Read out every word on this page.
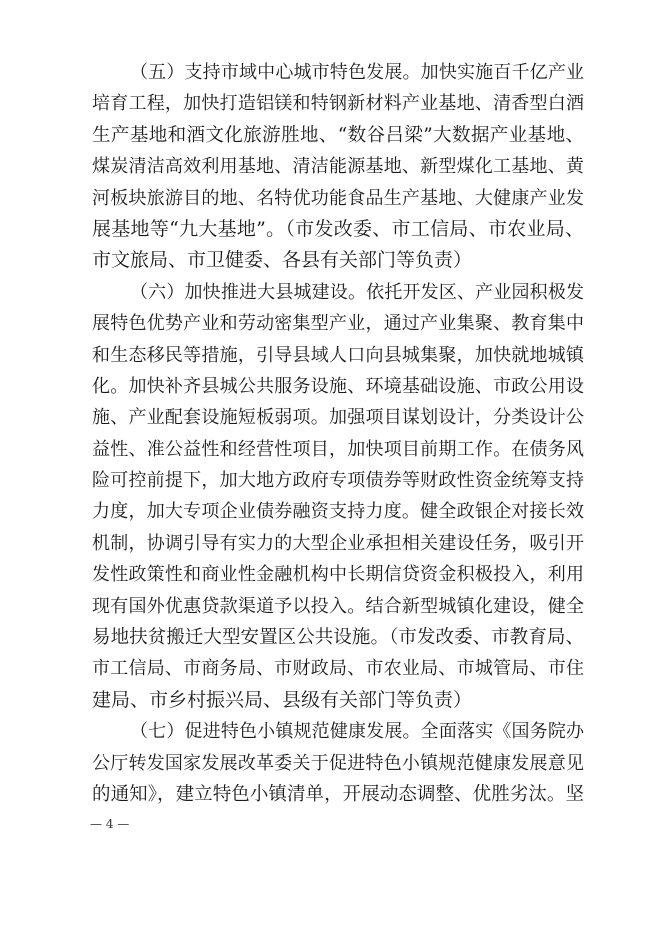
（五）支持市域中心城市特色发展。加快实施百千亿产业
培育工程，加快打造铝镁和特钢新材料产业基地、清香型白酒
生产基地和酒文化旅游胜地、“数谷吕梁”大数据产业基地、
煤炭清洁高效利用基地、清洁能源基地、新型煤化工基地、黄
河板块旅游目的地、名特优功能食品生产基地、大健康产业发
展基地等“九大基地”。（市发改委、市工信局、市农业局、
市文旅局、市卫健委、各县有关部门等负责）
（六）加快推进大县城建设。依托开发区、产业园积极发
展特色优势产业和劳动密集型产业，通过产业集聚、教育集中
和生态移民等措施，引导县域人口向县城集聚，加快就地城镇
化。加快补齐县城公共服务设施、环境基础设施、市政公用设
施、产业配套设施短板弱项。加强项目谋划设计，分类设计公
益性、准公益性和经营性项目，加快项目前期工作。在债务风
险可控前提下，加大地方政府专项债券等财政性资金统筹支持
力度，加大专项企业债券融资支持力度。健全政银企对接长效
机制，协调引导有实力的大型企业承担相关建设任务，吸引开
发性政策性和商业性金融机构中长期信贷资金积极投入，利用
现有国外优惠贷款渠道予以投入。结合新型城镇化建设，健全
易地扶贫搬迁大型安置区公共设施。（市发改委、市教育局、
市工信局、市商务局、市财政局、市农业局、市城管局、市住
建局、市乡村振兴局、县级有关部门等负责）
（七）促进特色小镇规范健康发展。全面落实《国务院办
公厅转发国家发展改革委关于促进特色小镇规范健康发展意见
的通知》，建立特色小镇清单，开展动态调整、优胜劣汰。坚
— 4 —
